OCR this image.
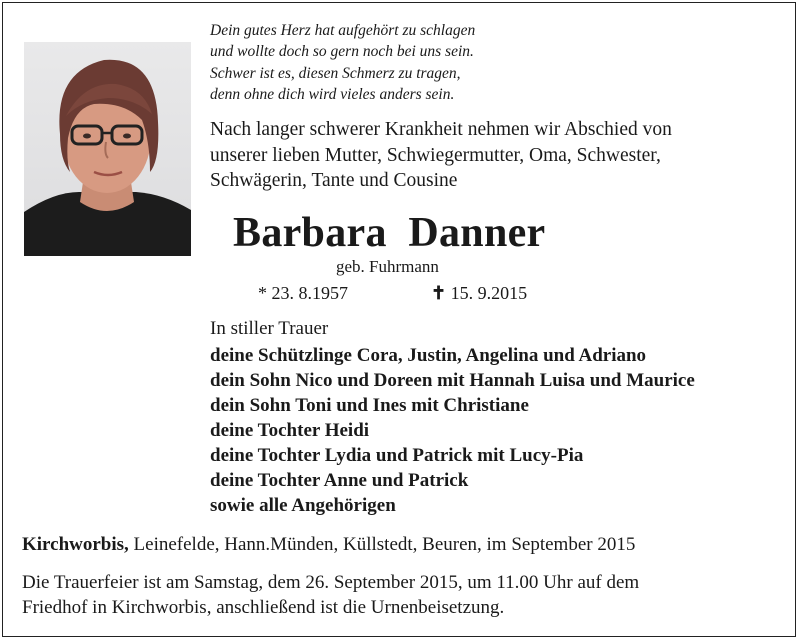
Dein gutes Herz hat aufgehört zu schlagen
und wollte doch so gern noch bei uns sein.
Schwer ist es, diesen Schmerz zu tragen,
denn ohne dich wird vieles anders sein.
Nach langer schwerer Krankheit nehmen wir Abschied von
unserer lieben Mutter, Schwiegermutter, Oma, Schwester,
Schwägerin, Tante und Cousine
Barbara  Danner
geb. Fuhrmann
* 23. 8.1957	✝ 15. 9.2015
In stiller Trauer
deine Schützlinge Cora, Justin, Angelina und Adriano
dein Sohn Nico und Doreen mit Hannah Luisa und Maurice
dein Sohn Toni und Ines mit Christiane
deine Tochter Heidi
deine Tochter Lydia und Patrick mit Lucy-Pia
deine Tochter Anne und Patrick
sowie alle Angehörigen
Kirchworbis, Leinefelde, Hann.Münden, Küllstedt, Beuren, im September 2015
Die Trauerfeier ist am Samstag, dem 26. September 2015, um 11.00 Uhr auf dem
Friedhof in Kirchworbis, anschließend ist die Urnenbeisetzung.
